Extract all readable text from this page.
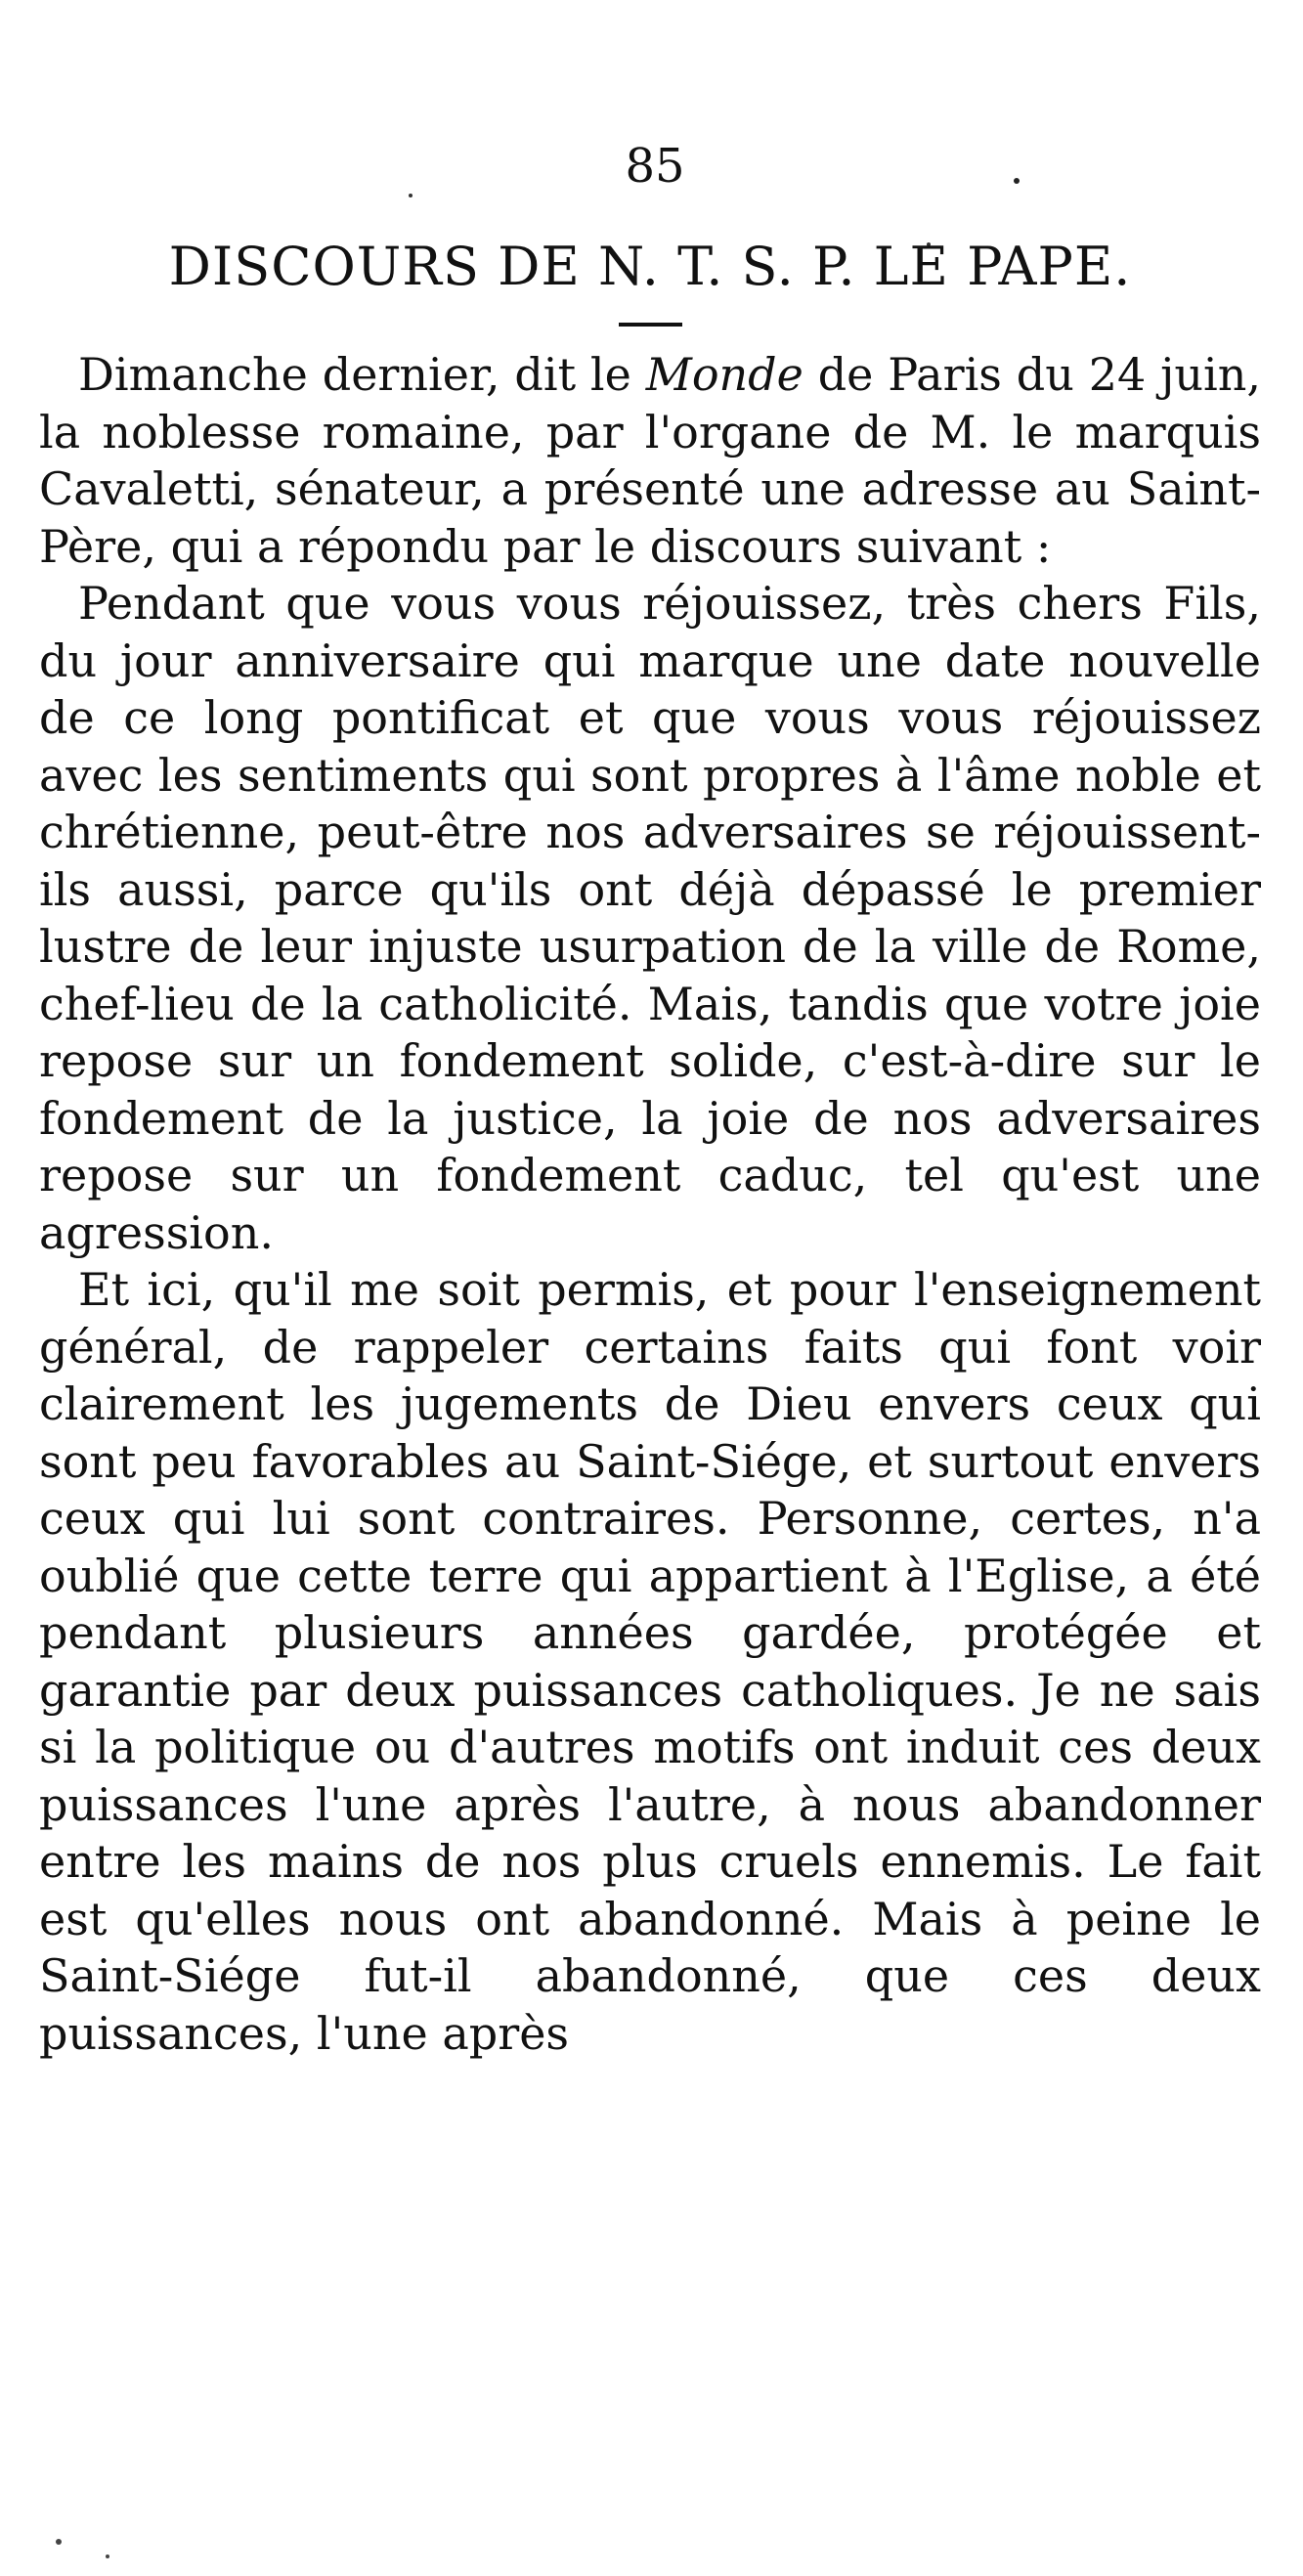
85
DISCOURS DE N. T. S. P. LE PAPE.

Dimanche dernier, dit le Monde de Paris du 24 juin, la noblesse romaine, par l'organe de M. le marquis Cavaletti, sénateur, a présenté une adresse au Saint-Père, qui a répondu par le discours suivant :

Pendant que vous vous réjouissez, très chers Fils, du jour anniversaire qui marque une date nouvelle de ce long pontificat et que vous vous réjouissez avec les sentiments qui sont propres à l'âme noble et chrétienne, peut-être nos adversaires se réjouissent-ils aussi, parce qu'ils ont déjà dépassé le premier lustre de leur injuste usurpation de la ville de Rome, chef-lieu de la catholicité. Mais, tandis que votre joie repose sur un fondement solide, c'est-à-dire sur le fondement de la justice, la joie de nos adversaires repose sur un fondement caduc, tel qu'est une agression.

Et ici, qu'il me soit permis, et pour l'enseignement général, de rappeler certains faits qui font voir clairement les jugements de Dieu envers ceux qui sont peu favorables au Saint-Siége, et surtout envers ceux qui lui sont contraires. Personne, certes, n'a oublié que cette terre qui appartient à l'Eglise, a été pendant plusieurs années gardée, protégée et garantie par deux puissances catholiques. Je ne sais si la politique ou d'autres motifs ont induit ces deux puissances l'une après l'autre, à nous abandonner entre les mains de nos plus cruels ennemis. Le fait est qu'elles nous ont abandonné. Mais à peine le Saint-Siége fut-il abandonné, que ces deux puissances, l'une après
